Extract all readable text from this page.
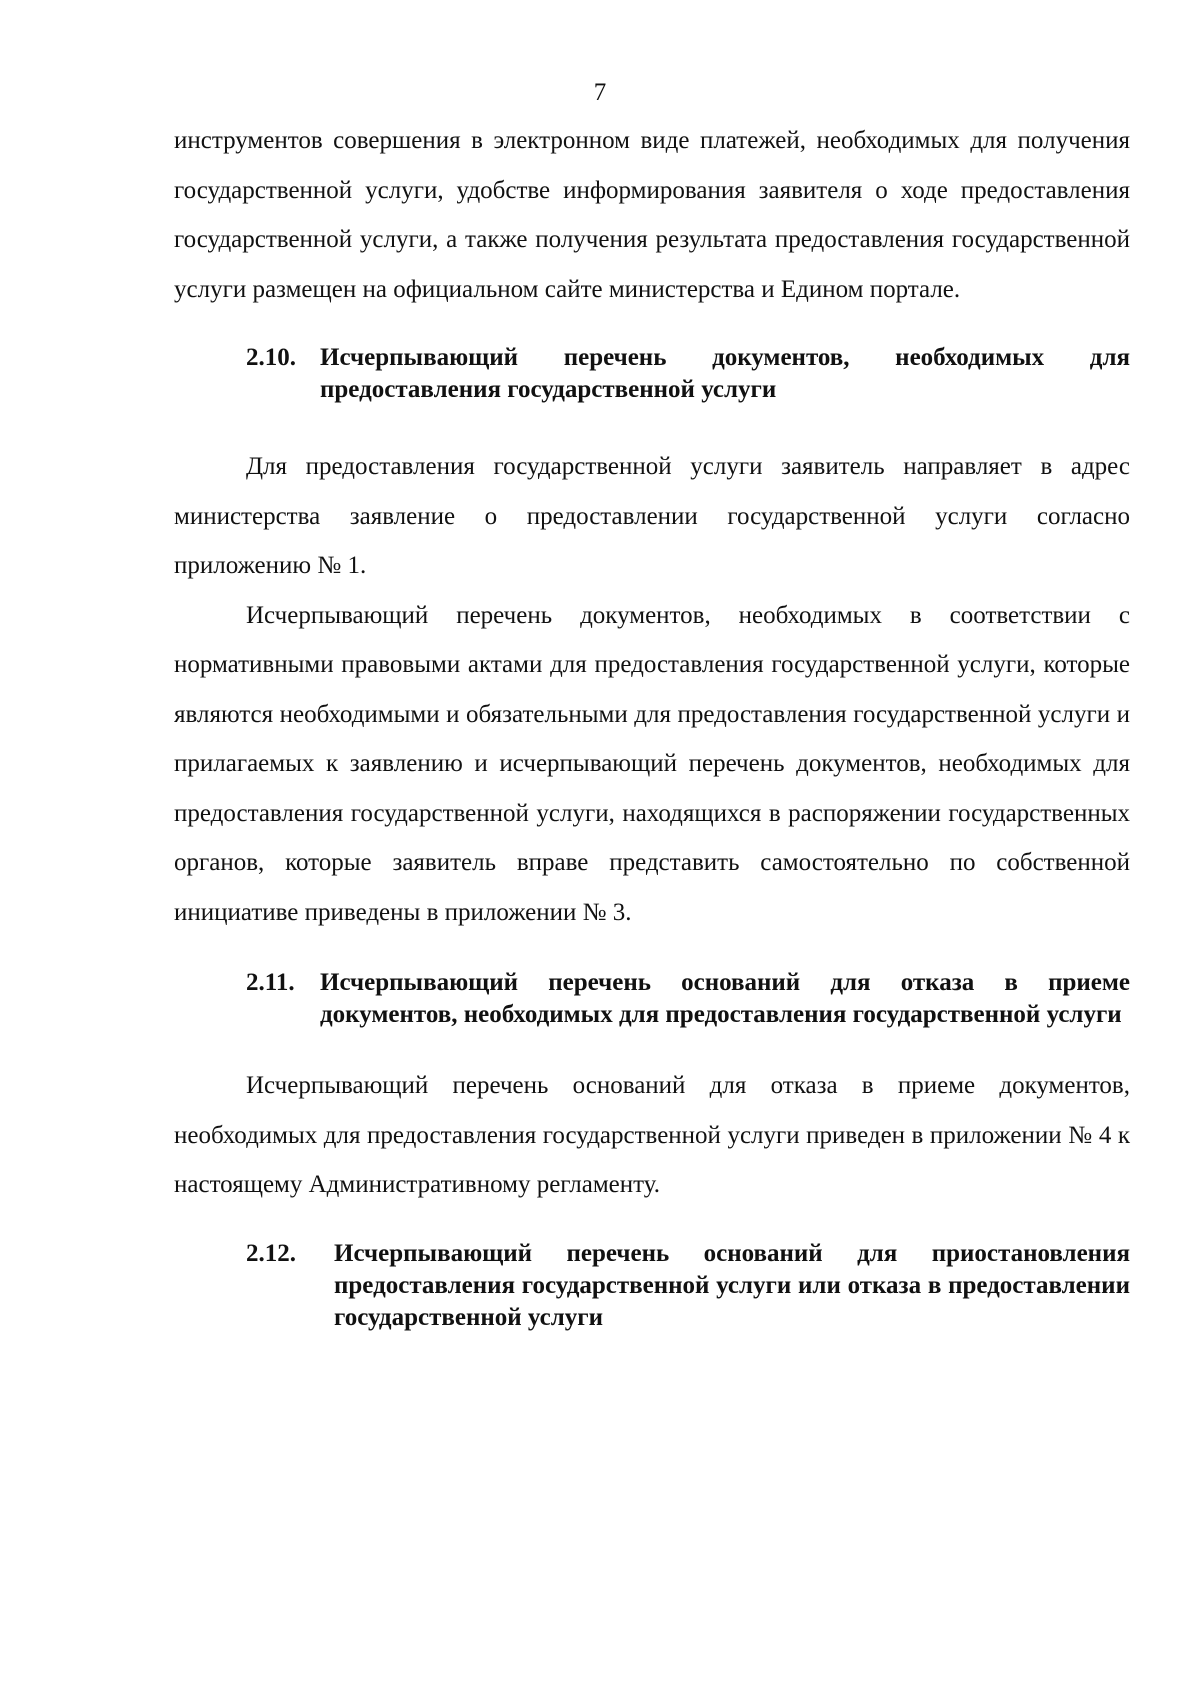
7

инструментов совершения в электронном виде платежей, необходимых для получения государственной услуги, удобстве информирования заявителя о ходе предоставления государственной услуги, а также получения результата предоставления государственной услуги размещен на официальном сайте министерства и Едином портале.

2.10. Исчерпывающий перечень документов, необходимых для предоставления государственной услуги

Для предоставления государственной услуги заявитель направляет в адрес министерства заявление о предоставлении государственной услуги согласно приложению № 1.

Исчерпывающий перечень документов, необходимых в соответствии с нормативными правовыми актами для предоставления государственной услуги, которые являются необходимыми и обязательными для предоставления государственной услуги и прилагаемых к заявлению и исчерпывающий перечень документов, необходимых для предоставления государственной услуги, находящихся в распоряжении государственных органов, которые заявитель вправе представить самостоятельно по собственной инициативе приведены в приложении № 3.

2.11.	Исчерпывающий перечень оснований для отказа в приеме документов, необходимых для предоставления государственной услуги

Исчерпывающий перечень оснований для отказа в приеме документов, необходимых для предоставления государственной услуги приведен в приложении № 4 к настоящему Административному регламенту.

2.12.	Исчерпывающий перечень оснований для приостановления предоставления государственной услуги или отказа в предоставлении государственной услуги
